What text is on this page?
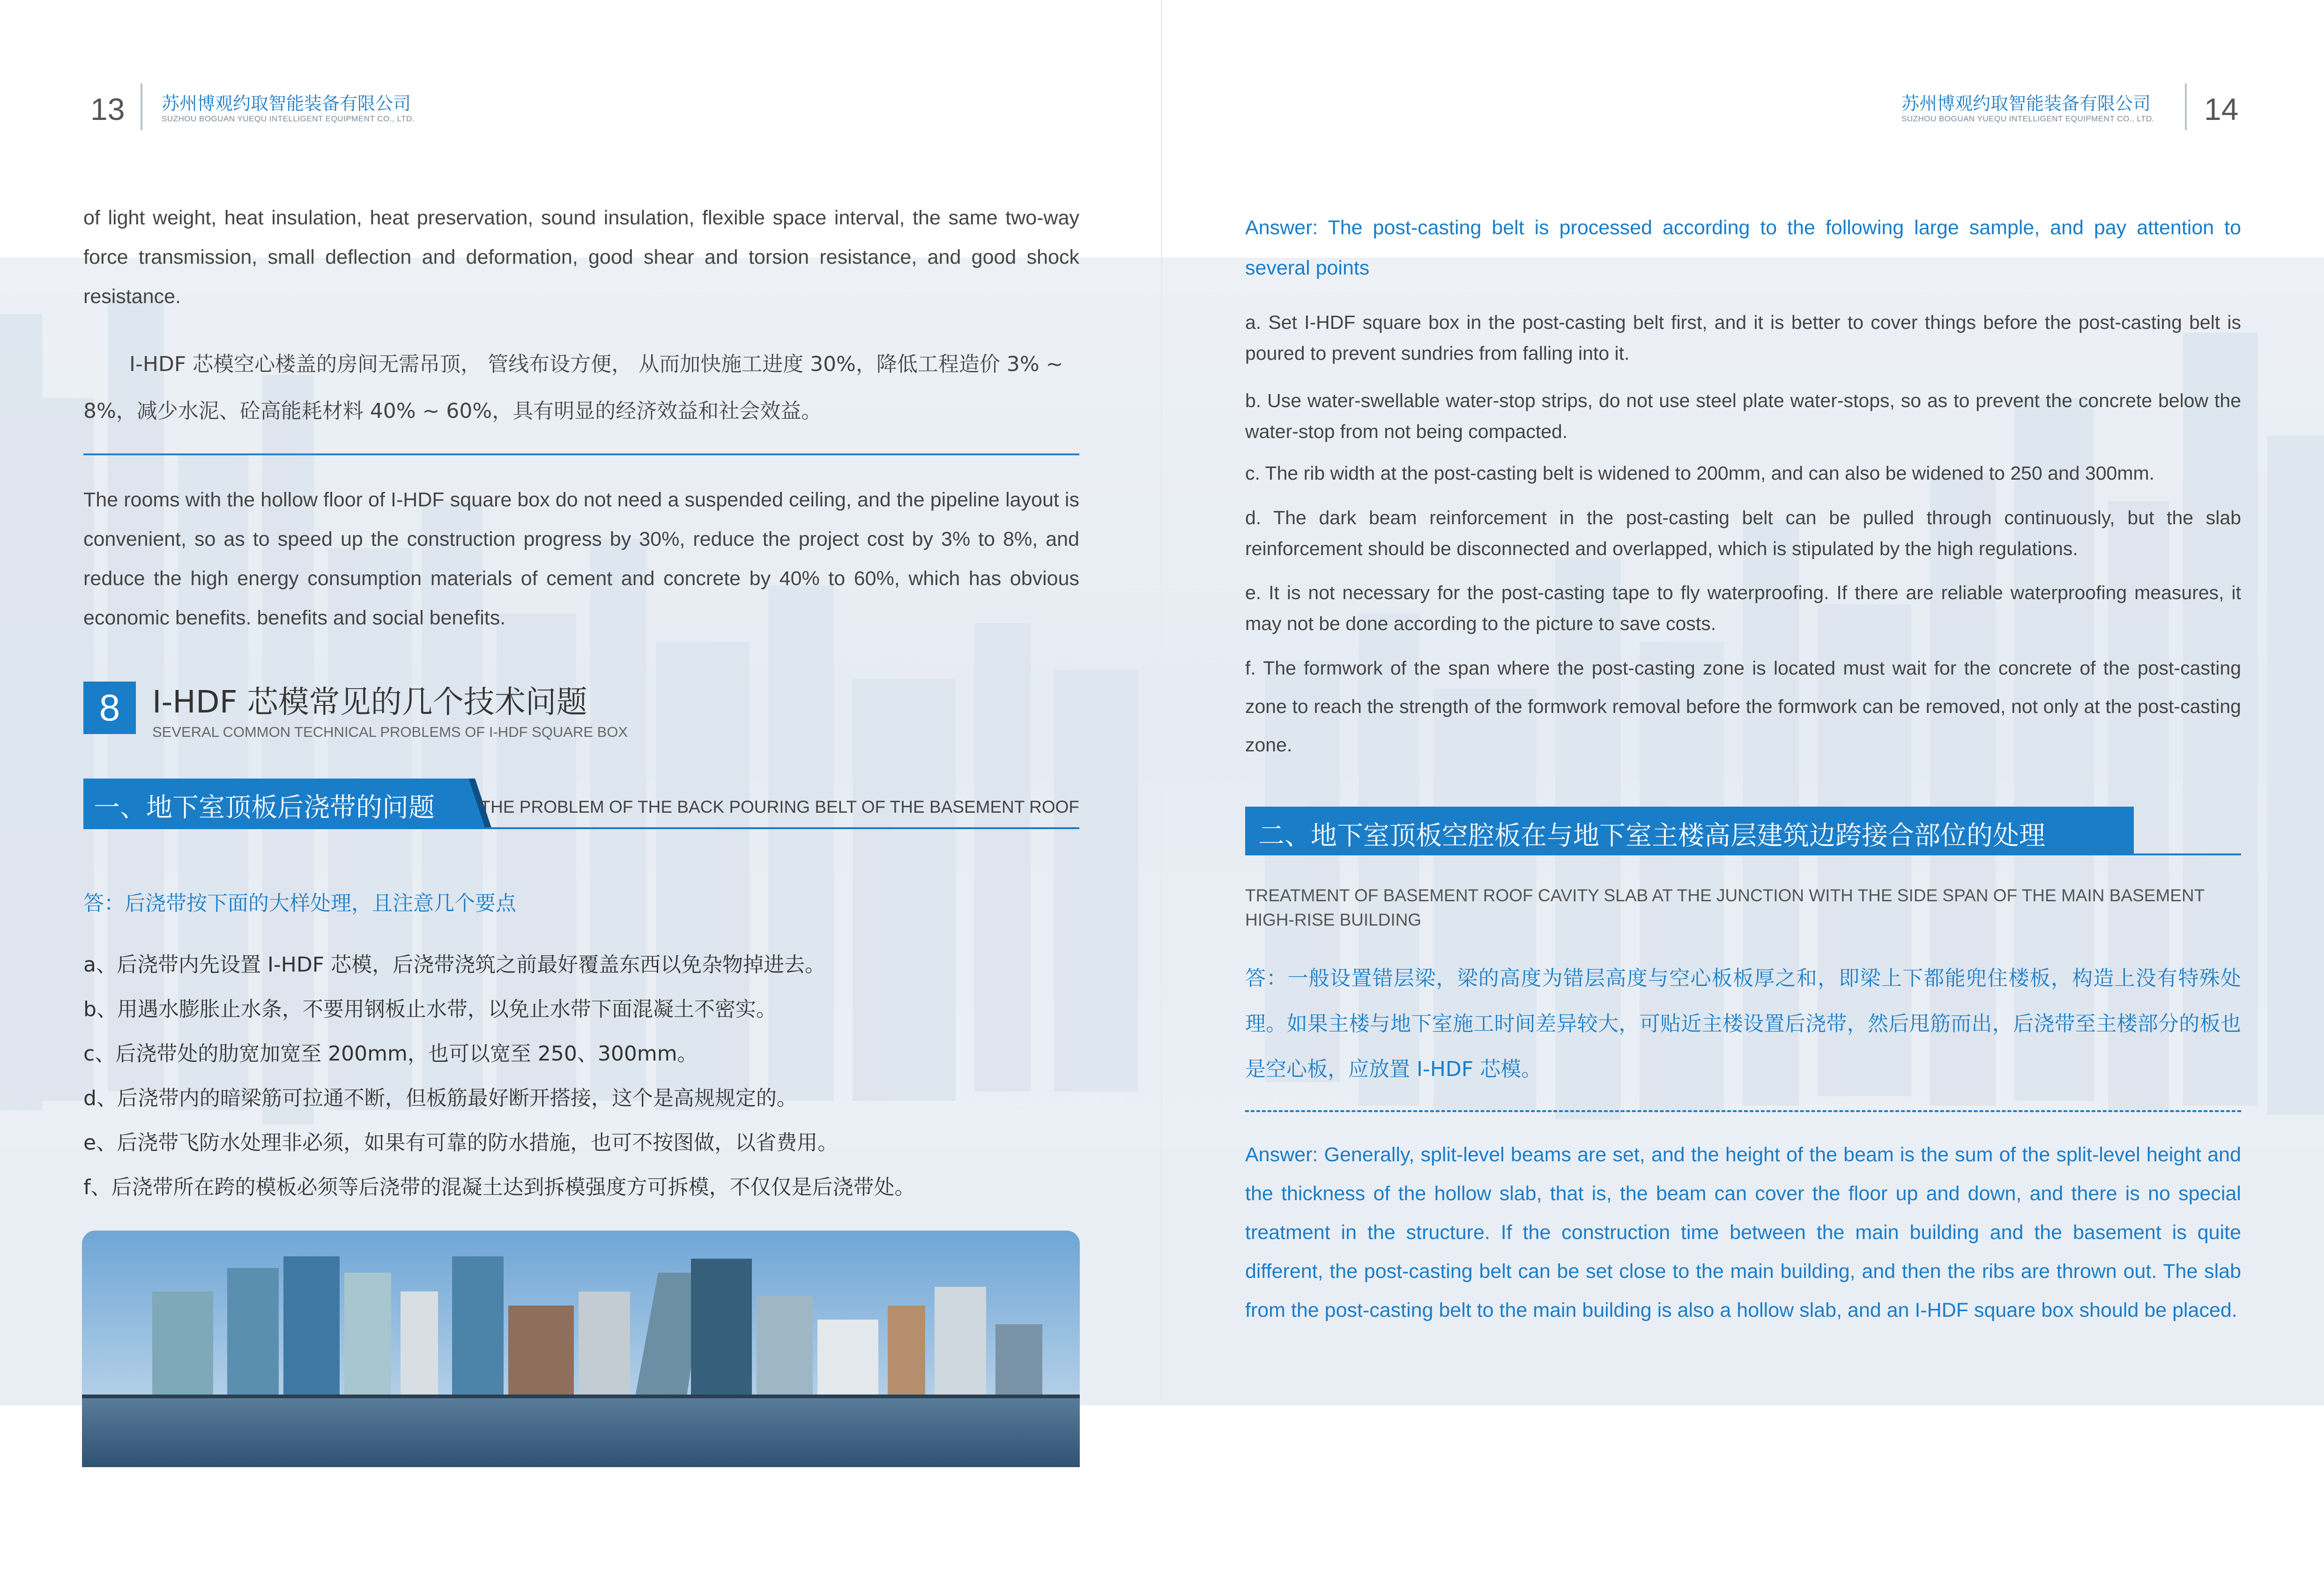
13 苏州博观约取智能装备有限公司
SUZHOU BOGUAN YUEQU INTELLIGENT EQUIPMENT CO., LTD.

of light weight, heat insulation, heat preservation, sound insulation, flexible space interval, the same two-way force transmission, small deflection and deformation, good shear and torsion resistance, and good shock resistance.

I-HDF 芯模空心楼盖的房间无需吊顶， 管线布设方便， 从而加快施工进度 30%，降低工程造价 3% ~ 8%，减少水泥、砼高能耗材料 40% ~ 60%，具有明显的经济效益和社会效益。

The rooms with the hollow floor of I-HDF square box do not need a suspended ceiling, and the pipeline layout is convenient, so as to speed up the construction progress by 30%, reduce the project cost by 3% to 8%, and reduce the high energy consumption materials of cement and concrete by 40% to 60%, which has obvious economic benefits. benefits and social benefits.

8	I-HDF 芯模常见的几个技术问题
SEVERAL COMMON TECHNICAL PROBLEMS OF I-HDF SQUARE BOX
一、地下室顶板后浇带的问题	THE PROBLEM OF THE BACK POURING BELT OF THE BASEMENT ROOF
答：后浇带按下面的大样处理，且注意几个要点
a、后浇带内先设置 I-HDF 芯模，后浇带浇筑之前最好覆盖东西以免杂物掉进去。
b、用遇水膨胀止水条，不要用钢板止水带，以免止水带下面混凝土不密实。
c、后浇带处的肋宽加宽至 200mm，也可以宽至 250、300mm。
d、后浇带内的暗梁筋可拉通不断，但板筋最好断开搭接，这个是高规规定的。
e、后浇带飞防水处理非必须，如果有可靠的防水措施，也可不按图做，以省费用。
f、后浇带所在跨的模板必须等后浇带的混凝土达到拆模强度方可拆模，不仅仅是后浇带处。
苏州博观约取智能装备有限公司
SUZHOU BOGUAN YUEQU INTELLIGENT EQUIPMENT CO., LTD. 14

Answer: The post-casting belt is processed according to the following large sample, and pay attention to several points

a. Set I-HDF square box in the post-casting belt first, and it is better to cover things before the post-casting belt is poured to prevent sundries from falling into it.

b. Use water-swellable water-stop strips, do not use steel plate water-stops, so as to prevent the concrete below the water-stop from not being compacted.

c. The rib width at the post-casting belt is widened to 200mm, and can also be widened to 250 and 300mm.

d. The dark beam reinforcement in the post-casting belt can be pulled through continuously, but the slab reinforcement should be disconnected and overlapped, which is stipulated by the high regulations.

e. It is not necessary for the post-casting tape to fly waterproofing. If there are reliable waterproofing measures, it may not be done according to the picture to save costs.

f. The formwork of the span where the post-casting zone is located must wait for the concrete of the post-casting zone to reach the strength of the formwork removal before the formwork can be removed, not only at the post-casting zone.

二、地下室顶板空腔板在与地下室主楼高层建筑边跨接合部位的处理
TREATMENT OF BASEMENT ROOF CAVITY SLAB AT THE JUNCTION WITH THE SIDE SPAN OF THE MAIN BASEMENT HIGH-RISE BUILDING
答：一般设置错层梁，梁的高度为错层高度与空心板板厚之和，即梁上下都能兜住楼板，构造上没有特殊处理。如果主楼与地下室施工时间差异较大，可贴近主楼设置后浇带，然后甩筋而出，后浇带至主楼部分的板也是空心板，应放置 I-HDF 芯模。

Answer: Generally, split-level beams are set, and the height of the beam is the sum of the split-level height and the thickness of the hollow slab, that is, the beam can cover the floor up and down, and there is no special treatment in the structure. If the construction time between the main building and the basement is quite different, the post-casting belt can be set close to the main building, and then the ribs are thrown out. The slab from the post-casting belt to the main building is also a hollow slab, and an I-HDF square box should be placed.
